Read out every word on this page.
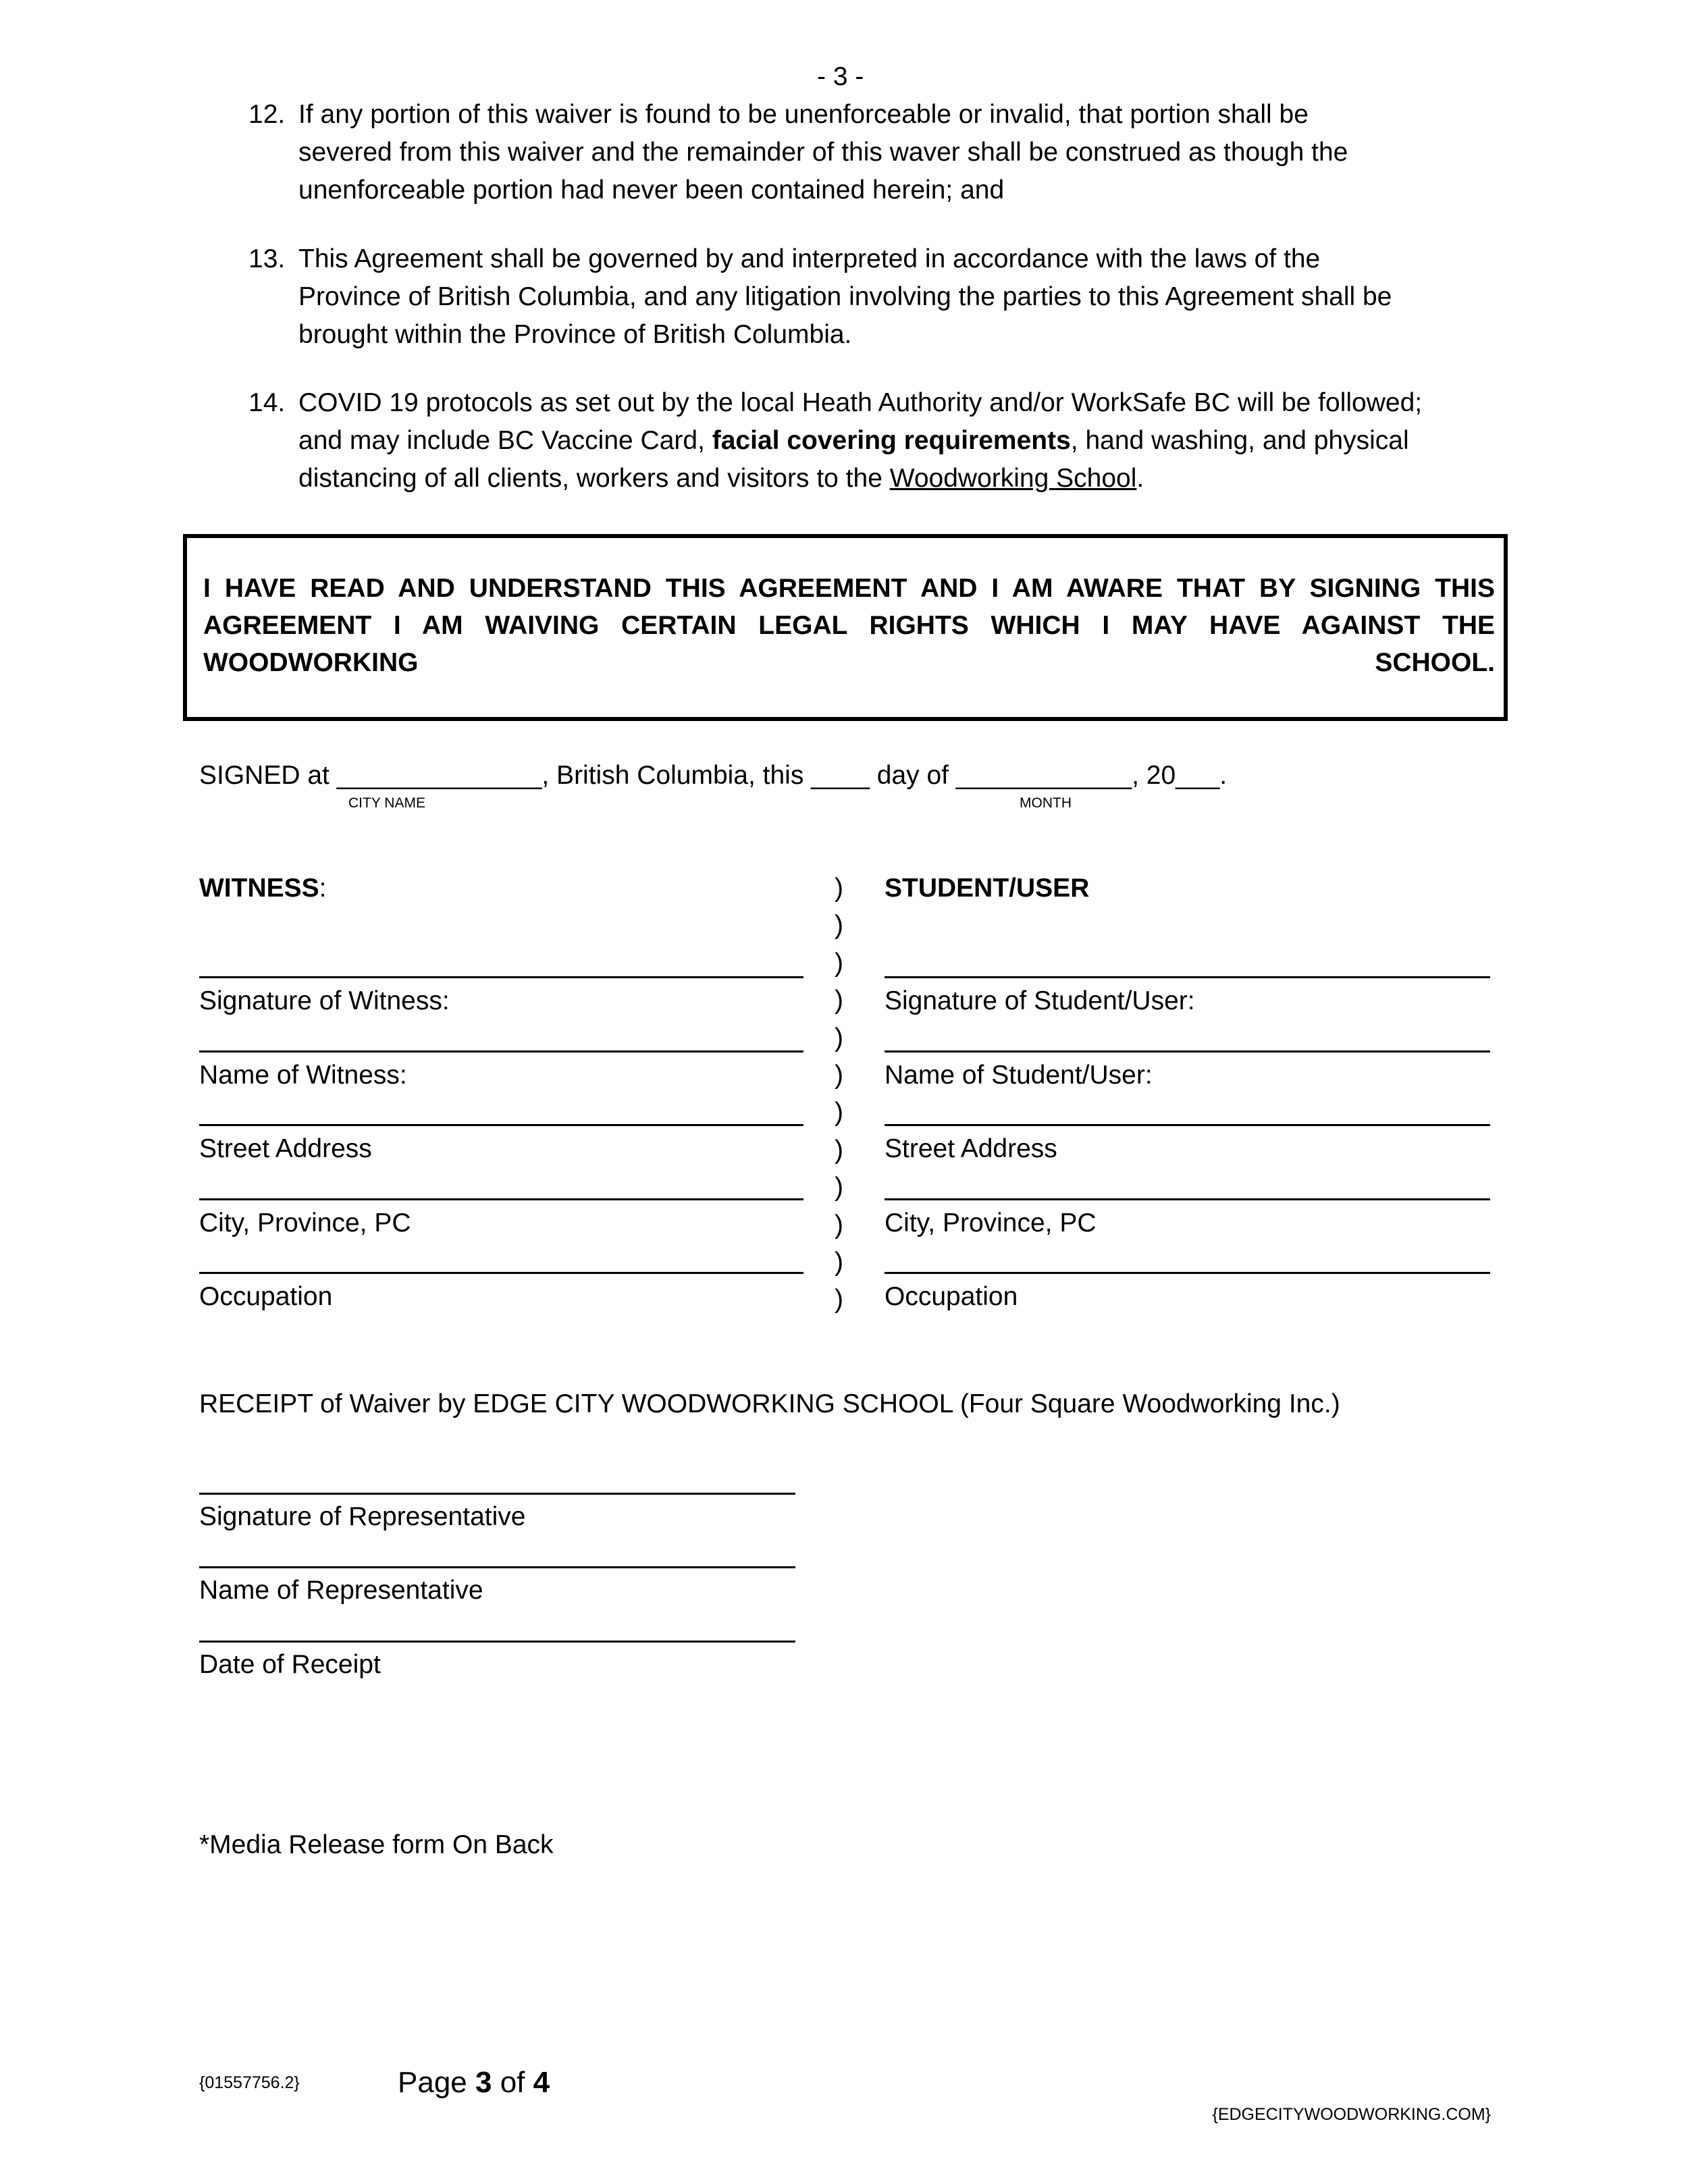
- 3 -
12. If any portion of this waiver is found to be unenforceable or invalid, that portion shall be
severed from this waiver and the remainder of this waver shall be construed as though the
unenforceable portion had never been contained herein; and
13. This Agreement shall be governed by and interpreted in accordance with the laws of the
Province of British Columbia, and any litigation involving the parties to this Agreement shall be
brought within the Province of British Columbia.
14. COVID 19 protocols as set out by the local Heath Authority and/or WorkSafe BC will be followed;
and may include BC Vaccine Card, facial covering requirements, hand washing, and physical
distancing of all clients, workers and visitors to the Woodworking School.
I HAVE READ AND UNDERSTAND THIS AGREEMENT AND I AM AWARE THAT BY SIGNING THIS
AGREEMENT I AM WAIVING CERTAIN LEGAL RIGHTS WHICH I MAY HAVE AGAINST THE
WOODWORKING	SCHOOL.
SIGNED at ______________, British Columbia, this ____ day of ____________, 20___.
CITY NAME	MONTH
WITNESS:	STUDENT/USER
)
)
)
)
)
)
)
)
)
)
)
)
Signature of Witness:	Signature of Student/User:
Name of Witness:	Name of Student/User:
Street Address	Street Address
City, Province, PC	City, Province, PC
Occupation	Occupation
RECEIPT of Waiver by EDGE CITY WOODWORKING SCHOOL (Four Square Woodworking Inc.)
Signature of Representative
Name of Representative
Date of Receipt
*Media Release form On Back
{01557756.2}	Page 3 of 4
{EDGECITYWOODWORKING.COM}
